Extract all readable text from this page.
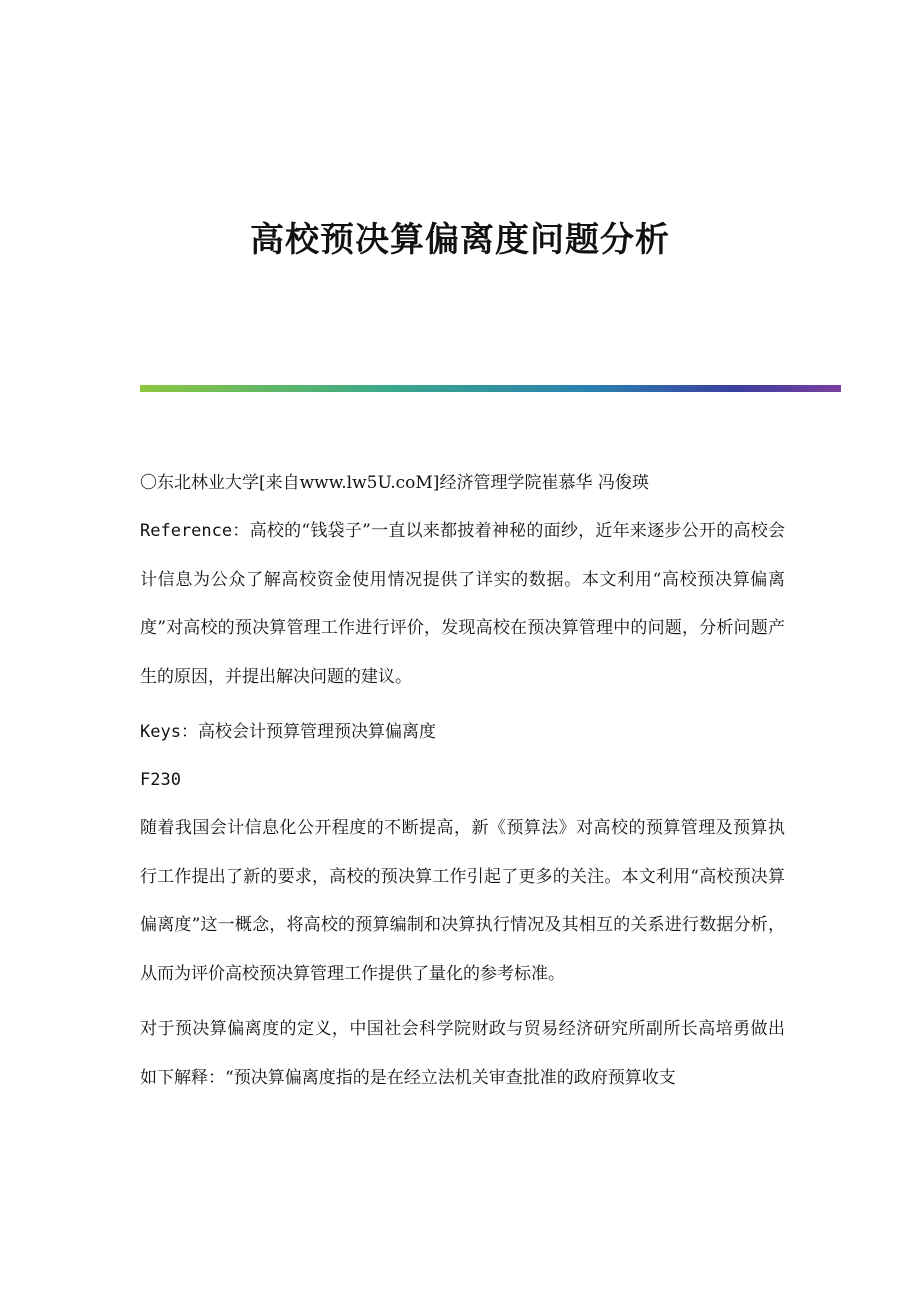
高校预决算偏离度问题分析

〇东北林业大学[来自www.lw5U.coM]经济管理学院崔慕华 冯俊瑛

Reference：高校的“钱袋子”一直以来都披着神秘的面纱，近年来逐步公开的高校会计信息为公众了解高校资金使用情况提供了详实的数据。本文利用“高校预决算偏离度”对高校的预决算管理工作进行评价，发现高校在预决算管理中的问题，分析问题产生的原因，并提出解决问题的建议。

Keys：高校会计预算管理预决算偏离度

F230

随着我国会计信息化公开程度的不断提高，新《预算法》对高校的预算管理及预算执行工作提出了新的要求，高校的预决算工作引起了更多的关注。本文利用“高校预决算偏离度”这一概念，将高校的预算编制和决算执行情况及其相互的关系进行数据分析，从而为评价高校预决算管理工作提供了量化的参考标准。

对于预决算偏离度的定义，中国社会科学院财政与贸易经济研究所副所长高培勇做出如下解释：“预决算偏离度指的是在经立法机关审查批准的政府预算收支
